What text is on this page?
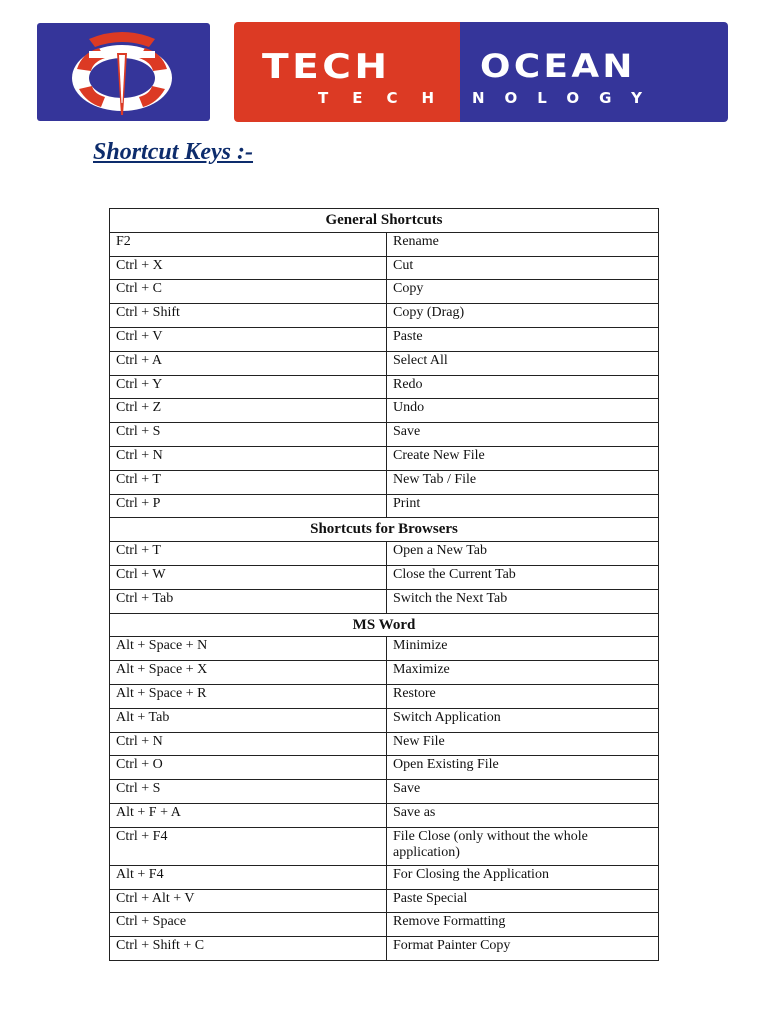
TECH	OCEAN
TECH NOLOGY
Shortcut Keys :-
General Shortcuts	
F2	Rename
Ctrl + X	Cut
Ctrl + C	Copy
Ctrl + Shift	Copy (Drag)
Ctrl + V	Paste
Ctrl + A	Select All
Ctrl + Y	Redo
Ctrl + Z	Undo
Ctrl + S	Save
Ctrl + N	Create New File
Ctrl + T	New Tab / File
Ctrl + P	Print
Shortcuts for Browsers	
Ctrl + T	Open a New Tab
Ctrl + W	Close the Current Tab
Ctrl + Tab	Switch the Next Tab
MS Word	
Alt + Space + N	Minimize
Alt + Space + X	Maximize
Alt + Space + R	Restore
Alt + Tab	Switch Application
Ctrl + N	New File
Ctrl + O	Open Existing File
Ctrl + S	Save
Alt + F + A	Save as
Ctrl + F4	File Close (only without the whole application)
Alt + F4	For Closing the Application
Ctrl + Alt + V	Paste Special
Ctrl + Space	Remove Formatting
Ctrl + Shift + C	Format Painter Copy
